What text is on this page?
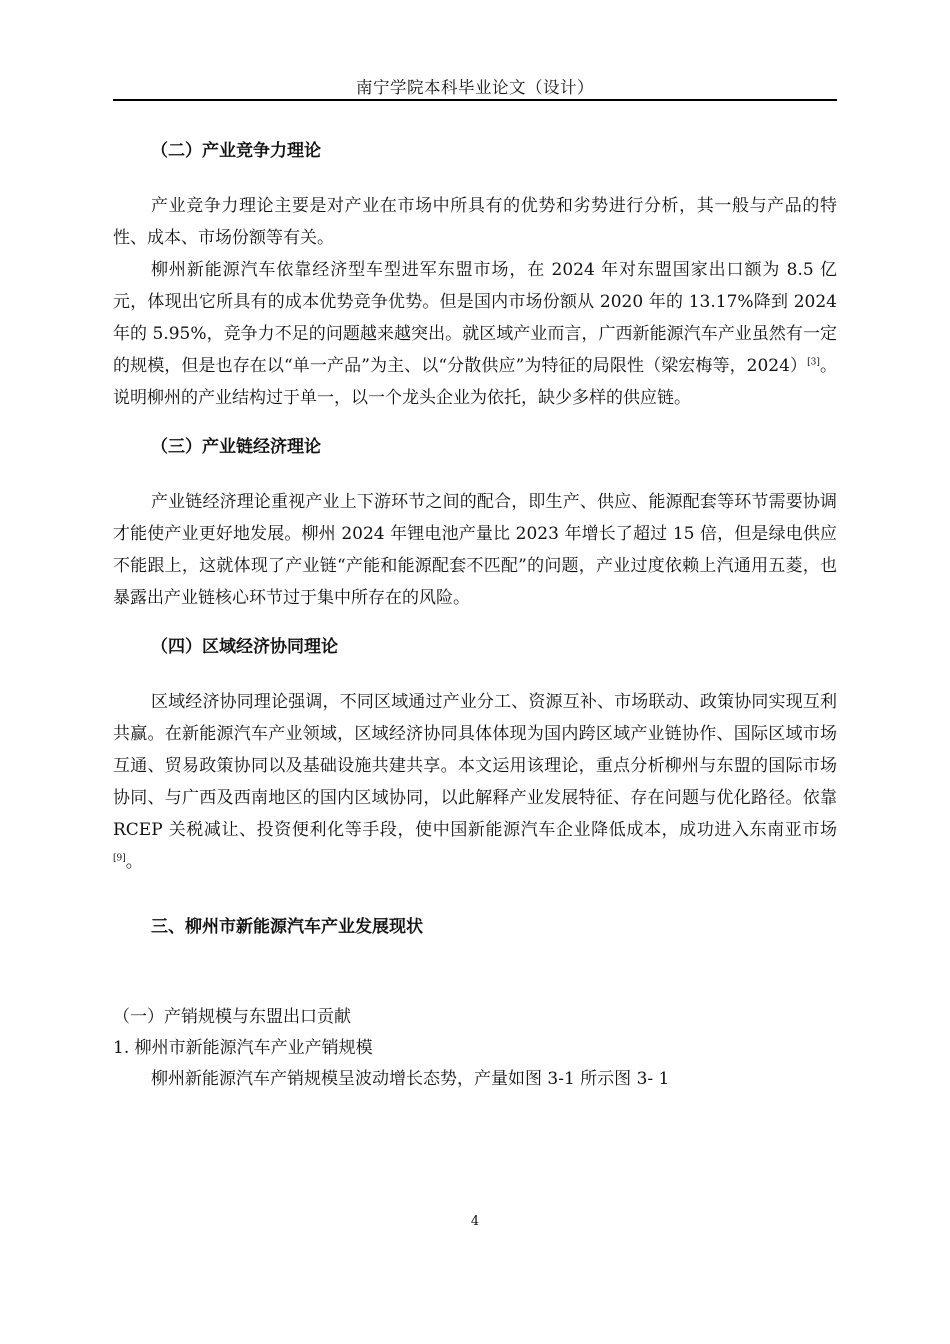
南宁学院本科毕业论文（设计）
（二）产业竞争力理论

产业竞争力理论主要是对产业在市场中所具有的优势和劣势进行分析，其一般与产品的特性、成本、市场份额等有关。

柳州新能源汽车依靠经济型车型进军东盟市场，在 2024 年对东盟国家出口额为 8.5 亿元，体现出它所具有的成本优势竞争优势。但是国内市场份额从 2020 年的 13.17%降到 2024 年的 5.95%，竞争力不足的问题越来越突出。就区域产业而言，广西新能源汽车产业虽然有一定的规模，但是也存在以“单一产品”为主、以“分散供应”为特征的局限性（梁宏梅等，2024）[3]。说明柳州的产业结构过于单一，以一个龙头企业为依托，缺少多样的供应链。

（三）产业链经济理论

产业链经济理论重视产业上下游环节之间的配合，即生产、供应、能源配套等环节需要协调才能使产业更好地发展。柳州 2024 年锂电池产量比 2023 年增长了超过 15 倍，但是绿电供应不能跟上，这就体现了产业链“产能和能源配套不匹配”的问题，产业过度依赖上汽通用五菱，也暴露出产业链核心环节过于集中所存在的风险。

（四）区域经济协同理论

区域经济协同理论强调，不同区域通过产业分工、资源互补、市场联动、政策协同实现互利共赢。在新能源汽车产业领域，区域经济协同具体体现为国内跨区域产业链协作、国际区域市场互通、贸易政策协同以及基础设施共建共享。本文运用该理论，重点分析柳州与东盟的国际市场协同、与广西及西南地区的国内区域协同，以此解释产业发展特征、存在问题与优化路径。依靠 RCEP 关税减让、投资便利化等手段，使中国新能源汽车企业降低成本，成功进入东南亚市场[9]。

三、柳州市新能源汽车产业发展现状

（一）产销规模与东盟出口贡献

1. 柳州市新能源汽车产业产销规模

柳州新能源汽车产销规模呈波动增长态势，产量如图 3-1 所示图 3- 1

4
